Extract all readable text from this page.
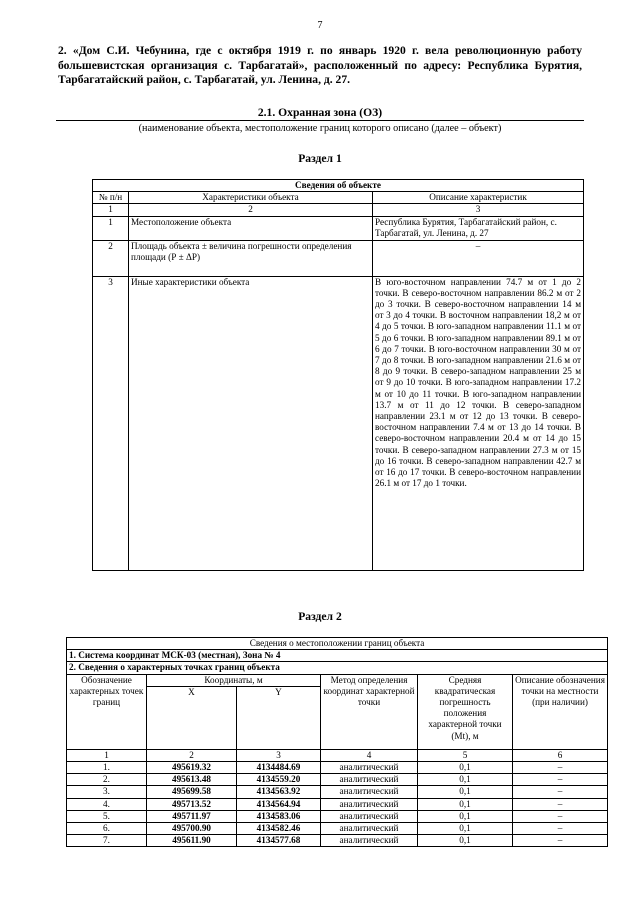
7
2. «Дом С.И. Чебунина, где с октября 1919 г. по январь 1920 г. вела революционную работу большевистская организация с. Тарбагатай», расположенный по адресу: Республика Бурятия, Тарбагатайский район, с. Тарбагатай, ул. Ленина, д. 27.
2.1. Охранная зона (ОЗ)
(наименование объекта, местоположение границ которого описано (далее – объект)
Раздел 1
Сведения об объекте		
№ п/н	Характеристики объекта	Описание характеристик
1	2	3
1	Местоположение объекта	Республика Бурятия, Тарбагатайский район, с. Тарбагатай, ул. Ленина, д. 27
2	Площадь объекта ± величина погрешности определения площади (Р ± ΔР)	–
3	Иные характеристики объекта	В юго-восточном направлении 74.7 м от 1 до 2 точки. В северо-восточном направлении 86.2 м от 2 до 3 точки. В северо-восточном направлении 14 м от 3 до 4 точки. В восточном направлении 18,2 м от 4 до 5 точки. В юго-западном направлении 11.1 м от 5 до 6 точки. В юго-западном направлении 89.1 м от 6 до 7 точки. В юго-восточном направлении 30 м от 7 до 8 точки. В юго-западном направлении 21.6 м от 8 до 9 точки. В северо-западном направлении 25 м от 9 до 10 точки. В юго-западном направлении 17.2 м от 10 до 11 точки. В юго-западном направлении 13.7 м от 11 до 12 точки. В северо-западном направлении 23.1 м от 12 до 13 точки. В северо-восточном направлении 7.4 м от 13 до 14 точки. В северо-восточном направлении 20.4 м от 14 до 15 точки. В северо-западном направлении 27.3 м от 15 до 16 точки. В северо-западном направлении 42.7 м от 16 до 17 точки. В северо-восточном направлении 26.1 м от 17 до 1 точки.
Раздел 2
Сведения о местоположении границ объекта					
1. Система координат МСК-03 (местная), Зона № 4					
2. Сведения о характерных точках границ объекта					
Обозначение характерных точек границ	Координаты, м		Метод определения координат характерной точки	Средняя квадратическая погрешность положения характерной точки (Mt), м	Описание обозначения точки на местности (при наличии)
	X	Y			
1	2	3	4	5	6
1.	495619.32	4134484.69	аналитический	0,1	–
2.	495613.48	4134559.20	аналитический	0,1	–
3.	495699.58	4134563.92	аналитический	0,1	–
4.	495713.52	4134564.94	аналитический	0,1	–
5.	495711.97	4134583.06	аналитический	0,1	–
6.	495700.90	4134582.46	аналитический	0,1	–
7.	495611.90	4134577.68	аналитический	0,1	–
